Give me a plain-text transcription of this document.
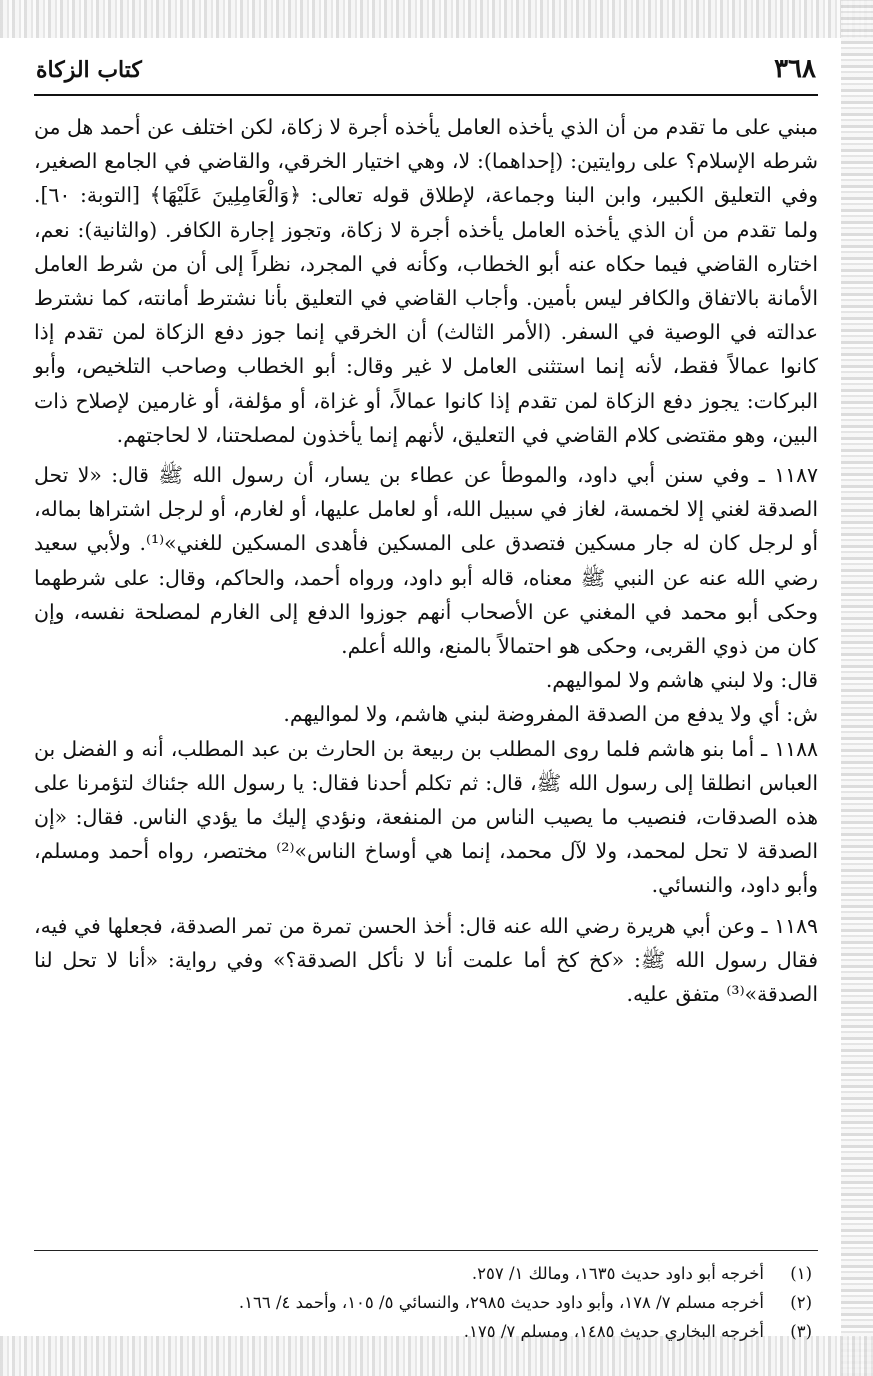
٣٦٨
كتاب الزكاة

مبني على ما تقدم من أن الذي يأخذه العامل يأخذه أجرة لا زكاة، لكن اختلف عن أحمد هل من شرطه الإسلام؟ على روايتين: (إحداهما): لا، وهي اختيار الخرقي، والقاضي في الجامع الصغير، وفي التعليق الكبير، وابن البنا وجماعة، لإطلاق قوله تعالى: ﴿وَالْعَامِلِينَ عَلَيْهَا﴾ [التوبة: ٦٠]. ولما تقدم من أن الذي يأخذه العامل يأخذه أجرة لا زكاة، وتجوز إجارة الكافر. (والثانية): نعم، اختاره القاضي فيما حكاه عنه أبو الخطاب، وكأنه في المجرد، نظراً إلى أن من شرط العامل الأمانة بالاتفاق والكافر ليس بأمين. وأجاب القاضي في التعليق بأنا نشترط أمانته، كما نشترط عدالته في الوصية في السفر. (الأمر الثالث) أن الخرقي إنما جوز دفع الزكاة لمن تقدم إذا كانوا عمالاً فقط، لأنه إنما استثنى العامل لا غير وقال: أبو الخطاب وصاحب التلخيص، وأبو البركات: يجوز دفع الزكاة لمن تقدم إذا كانوا عمالاً، أو غزاة، أو مؤلفة، أو غارمين لإصلاح ذات البين، وهو مقتضى كلام القاضي في التعليق، لأنهم إنما يأخذون لمصلحتنا، لا لحاجتهم.

١١٨٧ ـ وفي سنن أبي داود، والموطأ عن عطاء بن يسار، أن رسول الله ﷺ قال: «لا تحل الصدقة لغني إلا لخمسة، لغاز في سبيل الله، أو لعامل عليها، أو لغارم، أو لرجل اشتراها بماله، أو لرجل كان له جار مسكين فتصدق على المسكين فأهدى المسكين للغني»⁽¹⁾. ولأبي سعيد رضي الله عنه عن النبي ﷺ معناه، قاله أبو داود، ورواه أحمد، والحاكم، وقال: على شرطهما وحكى أبو محمد في المغني عن الأصحاب أنهم جوزوا الدفع إلى الغارم لمصلحة نفسه، وإن كان من ذوي القربى، وحكى هو احتمالاً بالمنع، والله أعلم.

قال: ولا لبني هاشم ولا لمواليهم.

ش: أي ولا يدفع من الصدقة المفروضة لبني هاشم، ولا لمواليهم.

١١٨٨ ـ أما بنو هاشم فلما روى المطلب بن ربيعة بن الحارث بن عبد المطلب، أنه و الفضل بن العباس انطلقا إلى رسول الله ﷺ، قال: ثم تكلم أحدنا فقال: يا رسول الله جئناك لتؤمرنا على هذه الصدقات، فنصيب ما يصيب الناس من المنفعة، ونؤدي إليك ما يؤدي الناس. فقال: «إن الصدقة لا تحل لمحمد، ولا لآل محمد، إنما هي أوساخ الناس»⁽²⁾ مختصر، رواه أحمد ومسلم، وأبو داود، والنسائي.

١١٨٩ ـ وعن أبي هريرة رضي الله عنه قال: أخذ الحسن تمرة من تمر الصدقة، فجعلها في فيه، فقال رسول الله ﷺ: «كخ كخ أما علمت أنا لا نأكل الصدقة؟» وفي رواية: «أنا لا تحل لنا الصدقة»⁽³⁾ متفق عليه.

(١)أخرجه أبو داود حديث ١٦٣٥، ومالك ١/ ٢٥٧.

(٢)أخرجه مسلم ٧/ ١٧٨، وأبو داود حديث ٢٩٨٥، والنسائي ٥/ ١٠٥، وأحمد ٤/ ١٦٦.

(٣)أخرجه البخاري حديث ١٤٨٥، ومسلم ٧/ ١٧٥.
